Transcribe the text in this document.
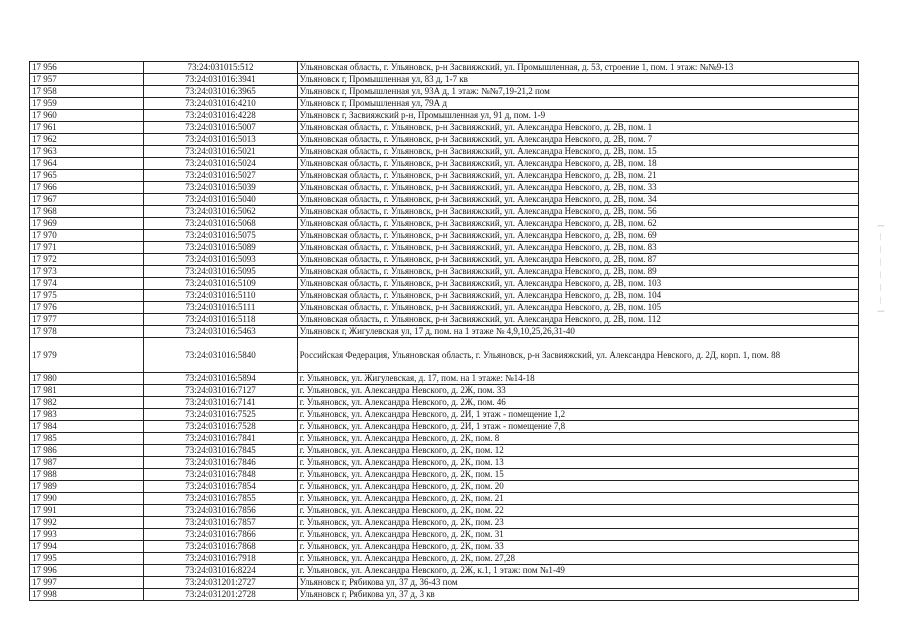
17 956	73:24:031015:512	Ульяновская область, г. Ульяновск, р-н Засвияжский, ул. Промышленная, д. 53, строение 1, пом. 1 этаж: №№9-13
17 957	73:24:031016:3941	Ульяновск г, Промышленная ул, 83 д, 1-7 кв
17 958	73:24:031016:3965	Ульяновск г, Промышленная ул, 93А д, 1 этаж: №№7,19-21,2 пом
17 959	73:24:031016:4210	Ульяновск г, Промышленная ул, 79А д
17 960	73:24:031016:4228	Ульяновск г, Засвияжский р-н, Промышленная ул, 91 д, пом. 1-9
17 961	73:24:031016:5007	Ульяновская область, г. Ульяновск, р-н Засвияжский, ул. Александра Невского, д. 2В, пом. 1
17 962	73:24:031016:5013	Ульяновская область, г. Ульяновск, р-н Засвияжский, ул. Александра Невского, д. 2В, пом. 7
17 963	73:24:031016:5021	Ульяновская область, г. Ульяновск, р-н Засвияжский, ул. Александра Невского, д. 2В, пом. 15
17 964	73:24:031016:5024	Ульяновская область, г. Ульяновск, р-н Засвияжский, ул. Александра Невского, д. 2В, пом. 18
17 965	73:24:031016:5027	Ульяновская область, г. Ульяновск, р-н Засвияжский, ул. Александра Невского, д. 2В, пом. 21
17 966	73:24:031016:5039	Ульяновская область, г. Ульяновск, р-н Засвияжский, ул. Александра Невского, д. 2В, пом. 33
17 967	73:24:031016:5040	Ульяновская область, г. Ульяновск, р-н Засвияжский, ул. Александра Невского, д. 2В, пом. 34
17 968	73:24:031016:5062	Ульяновская область, г. Ульяновск, р-н Засвияжский, ул. Александра Невского, д. 2В, пом. 56
17 969	73:24:031016:5068	Ульяновская область, г. Ульяновск, р-н Засвияжский, ул. Александра Невского, д. 2В, пом. 62
17 970	73:24:031016:5075	Ульяновская область, г. Ульяновск, р-н Засвияжский, ул. Александра Невского, д. 2В, пом. 69
17 971	73:24:031016:5089	Ульяновская область, г. Ульяновск, р-н Засвияжский, ул. Александра Невского, д. 2В, пом. 83
17 972	73:24:031016:5093	Ульяновская область, г. Ульяновск, р-н Засвияжский, ул. Александра Невского, д. 2В, пом. 87
17 973	73:24:031016:5095	Ульяновская область, г. Ульяновск, р-н Засвияжский, ул. Александра Невского, д. 2В, пом. 89
17 974	73:24:031016:5109	Ульяновская область, г. Ульяновск, р-н Засвияжский, ул. Александра Невского, д. 2В, пом. 103
17 975	73:24:031016:5110	Ульяновская область, г. Ульяновск, р-н Засвияжский, ул. Александра Невского, д. 2В, пом. 104
17 976	73:24:031016:5111	Ульяновская область, г. Ульяновск, р-н Засвияжский, ул. Александра Невского, д. 2В, пом. 105
17 977	73:24:031016:5118	Ульяновская область, г. Ульяновск, р-н Засвияжский, ул. Александра Невского, д. 2В, пом. 112
17 978	73:24:031016:5463	Ульяновск г, Жигулевская ул, 17 д, пом. на 1 этаже № 4,9,10,25,26,31-40
17 979	73:24:031016:5840	Российская Федерация, Ульяновская область, г. Ульяновск, р-н Засвияжский, ул. Александра Невского, д. 2Д, корп. 1, пом. 88
17 980	73:24:031016:5894	г. Ульяновск, ул. Жигулевская, д. 17, пом. на 1 этаже: №14-18
17 981	73:24:031016:7127	г. Ульяновск, ул. Александра Невского, д. 2Ж, пом. 33
17 982	73:24:031016:7141	г. Ульяновск, ул. Александра Невского, д. 2Ж, пом. 46
17 983	73:24:031016:7525	г. Ульяновск, ул. Александра Невского, д. 2И, 1 этаж - помещение 1,2
17 984	73:24:031016:7528	г. Ульяновск, ул. Александра Невского, д. 2И, 1 этаж - помещение 7,8
17 985	73:24:031016:7841	г. Ульяновск, ул. Александра Невского, д. 2К, пом. 8
17 986	73:24:031016:7845	г. Ульяновск, ул. Александра Невского, д. 2К, пом. 12
17 987	73:24:031016:7846	г. Ульяновск, ул. Александра Невского, д. 2К, пом. 13
17 988	73:24:031016:7848	г. Ульяновск, ул. Александра Невского, д. 2К, пом. 15
17 989	73:24:031016:7854	г. Ульяновск, ул. Александра Невского, д. 2К, пом. 20
17 990	73:24:031016:7855	г. Ульяновск, ул. Александра Невского, д. 2К, пом. 21
17 991	73:24:031016:7856	г. Ульяновск, ул. Александра Невского, д. 2К, пом. 22
17 992	73:24:031016:7857	г. Ульяновск, ул. Александра Невского, д. 2К, пом. 23
17 993	73:24:031016:7866	г. Ульяновск, ул. Александра Невского, д. 2К, пом. 31
17 994	73:24:031016:7868	г. Ульяновск, ул. Александра Невского, д. 2К, пом. 33
17 995	73:24:031016:7918	г. Ульяновск, ул. Александра Невского, д. 2К, пом. 27,28
17 996	73:24:031016:8224	г. Ульяновск, ул. Александра Невского, д. 2Ж, к.1, 1 этаж: пом №1-49
17 997	73:24:031201:2727	Ульяновск г, Рябикова ул, 37 д, 36-43 пом
17 998	73:24:031201:2728	Ульяновск г, Рябикова ул, 37 д, 3 кв
[ — — — — — — ]
